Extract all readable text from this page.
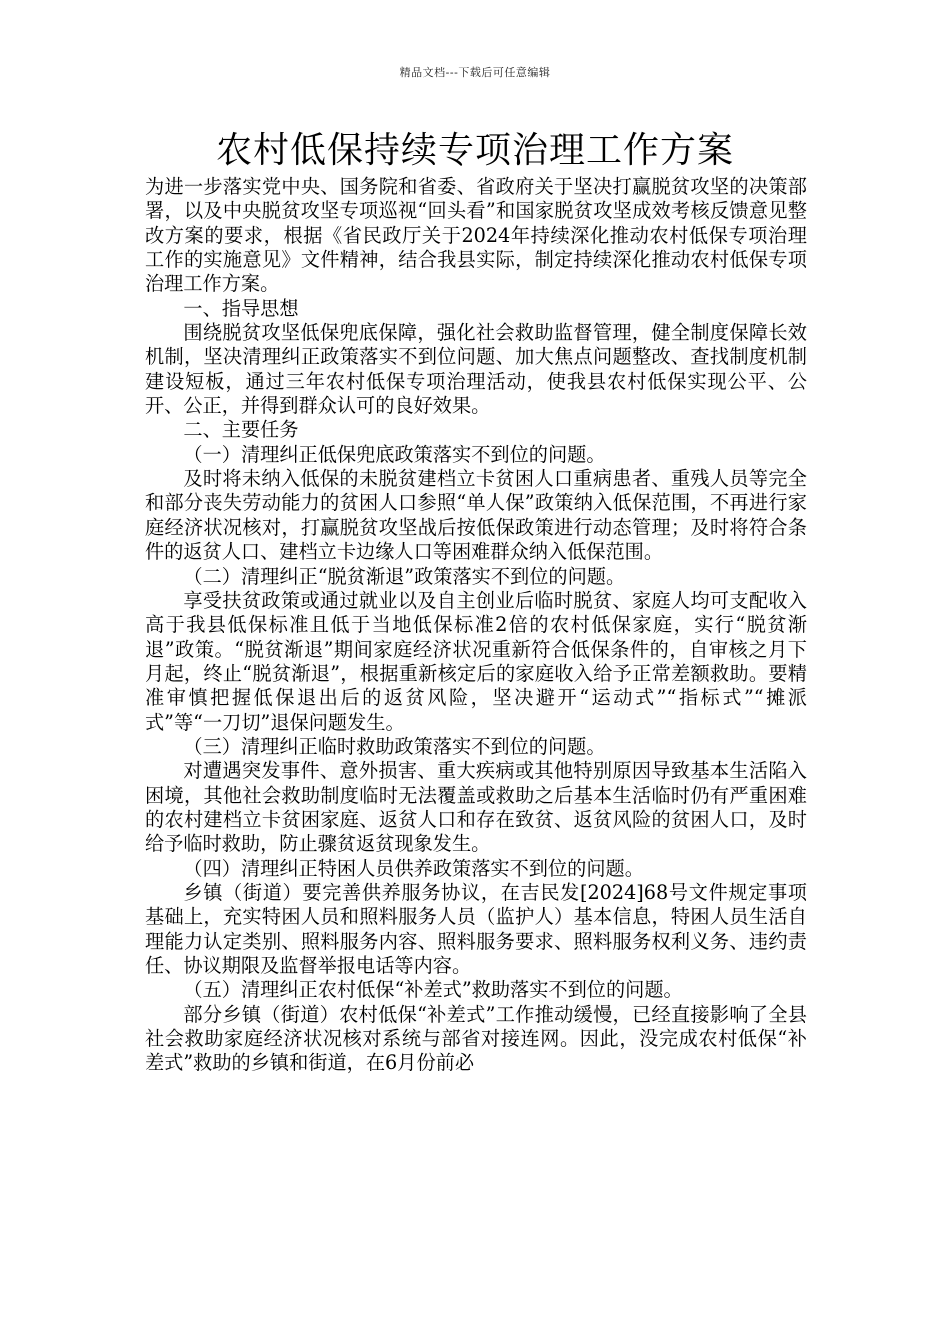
精品文档---下载后可任意编辑
农村低保持续专项治理工作方案

为进一步落实党中央、国务院和省委、省政府关于坚决打赢脱贫攻坚的决策部署，以及中央脱贫攻坚专项巡视“回头看”和国家脱贫攻坚成效考核反馈意见整改方案的要求，根据《省民政厅关于2024年持续深化推动农村低保专项治理工作的实施意见》文件精神，结合我县实际，制定持续深化推动农村低保专项治理工作方案。

一、指导思想

围绕脱贫攻坚低保兜底保障，强化社会救助监督管理，健全制度保障长效机制，坚决清理纠正政策落实不到位问题、加大焦点问题整改、查找制度机制建设短板，通过三年农村低保专项治理活动，使我县农村低保实现公平、公开、公正，并得到群众认可的良好效果。

二、主要任务

（一）清理纠正低保兜底政策落实不到位的问题。

及时将未纳入低保的未脱贫建档立卡贫困人口重病患者、重残人员等完全和部分丧失劳动能力的贫困人口参照“单人保”政策纳入低保范围，不再进行家庭经济状况核对，打赢脱贫攻坚战后按低保政策进行动态管理；及时将符合条件的返贫人口、建档立卡边缘人口等困难群众纳入低保范围。

（二）清理纠正“脱贫渐退”政策落实不到位的问题。

享受扶贫政策或通过就业以及自主创业后临时脱贫、家庭人均可支配收入高于我县低保标准且低于当地低保标准2倍的农村低保家庭，实行“脱贫渐退”政策。“脱贫渐退”期间家庭经济状况重新符合低保条件的，自审核之月下月起，终止“脱贫渐退”，根据重新核定后的家庭收入给予正常差额救助。要精准审慎把握低保退出后的返贫风险，坚决避开“运动式”“指标式”“摊派式”等“一刀切”退保问题发生。

（三）清理纠正临时救助政策落实不到位的问题。

对遭遇突发事件、意外损害、重大疾病或其他特别原因导致基本生活陷入困境，其他社会救助制度临时无法覆盖或救助之后基本生活临时仍有严重困难的农村建档立卡贫困家庭、返贫人口和存在致贫、返贫风险的贫困人口，及时给予临时救助，防止骤贫返贫现象发生。

（四）清理纠正特困人员供养政策落实不到位的问题。

乡镇（街道）要完善供养服务协议，在吉民发[2024]68号文件规定事项基础上，充实特困人员和照料服务人员（监护人）基本信息，特困人员生活自理能力认定类别、照料服务内容、照料服务要求、照料服务权利义务、违约责任、协议期限及监督举报电话等内容。

（五）清理纠正农村低保“补差式”救助落实不到位的问题。

部分乡镇（街道）农村低保“补差式”工作推动缓慢，已经直接影响了全县社会救助家庭经济状况核对系统与部省对接连网。因此，没完成农村低保“补差式”救助的乡镇和街道，在6月份前必
